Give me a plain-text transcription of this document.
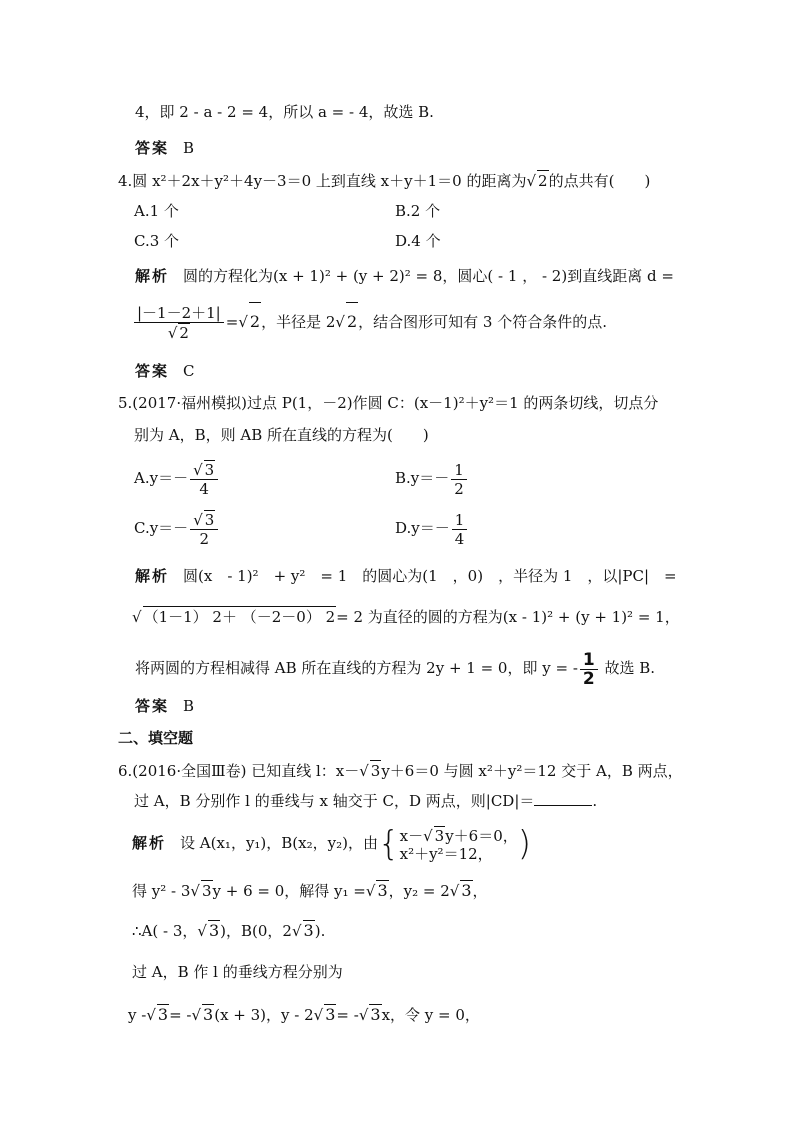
4，即 2 - a - 2 = 4，所以 a = - 4，故选 B.
答案 B
4.圆 x²＋2x＋y²＋4y－3＝0 上到直线 x＋y＋1＝0 的距离为√ 2的点共有(　　)
A.1 个	B.2 个
C.3 个	D.4 个
解析 圆的方程化为(x + 1)² + (y + 2)² = 8，圆心( - 1 ， - 2)到直线距离 d =
$\frac{|-1-2+1|}{√ 2}$ =√ 2，半径是 2√ 2，结合图形可知有 3 个符合条件的点.
答案 C
5.(2017·福州模拟)过点 P(1，－2)作圆 C：(x－1)²＋y²＝1 的两条切线，切点分
别为 A，B，则 AB 所在直线的方程为(　　)
$A.y=- \frac{√ 3}{4}$	$B.y=- \frac{1}{2}$
$C.y=- \frac{√ 3}{2}$	$D.y=- \frac{1}{4}$
解析 圆(x　- 1)²　+ y²　= 1　的圆心为(1　，0)　，半径为 1　，以|PC|　=
√ （1－1） 2＋ （－2－0） 2= 2 为直径的圆的方程为(x - 1)² + (y + 1)² = 1，
将两圆的方程相减得 AB 所在直线的方程为 2y + 1 = 0，即 y = - $\frac{1}{2}$ 故选 B.
答案 B
二、填空题
6.(2016·全国Ⅲ卷) 已知直线 l：x－√ 3y＋6＝0 与圆 x²＋y²＝12 交于 A，B 两点，
过 A，B 分别作 l 的垂线与 x 轴交于 C，D 两点，则|CD|＝	.
解析 设 A(x₁，y₁)，B(x₂，y₂)，由{ x－√ 3y＋6＝0，
x²＋y²＝12， )
得 y² - 3√ 3y + 6 = 0，解得 y₁ =√ 3，y₂ = 2√ 3，
∴A( - 3，√ 3)，B(0，2√ 3).
过 A，B 作 l 的垂线方程分别为
y -√ 3= -√ 3(x + 3)，y - 2√ 3= -√ 3x，令 y = 0，
